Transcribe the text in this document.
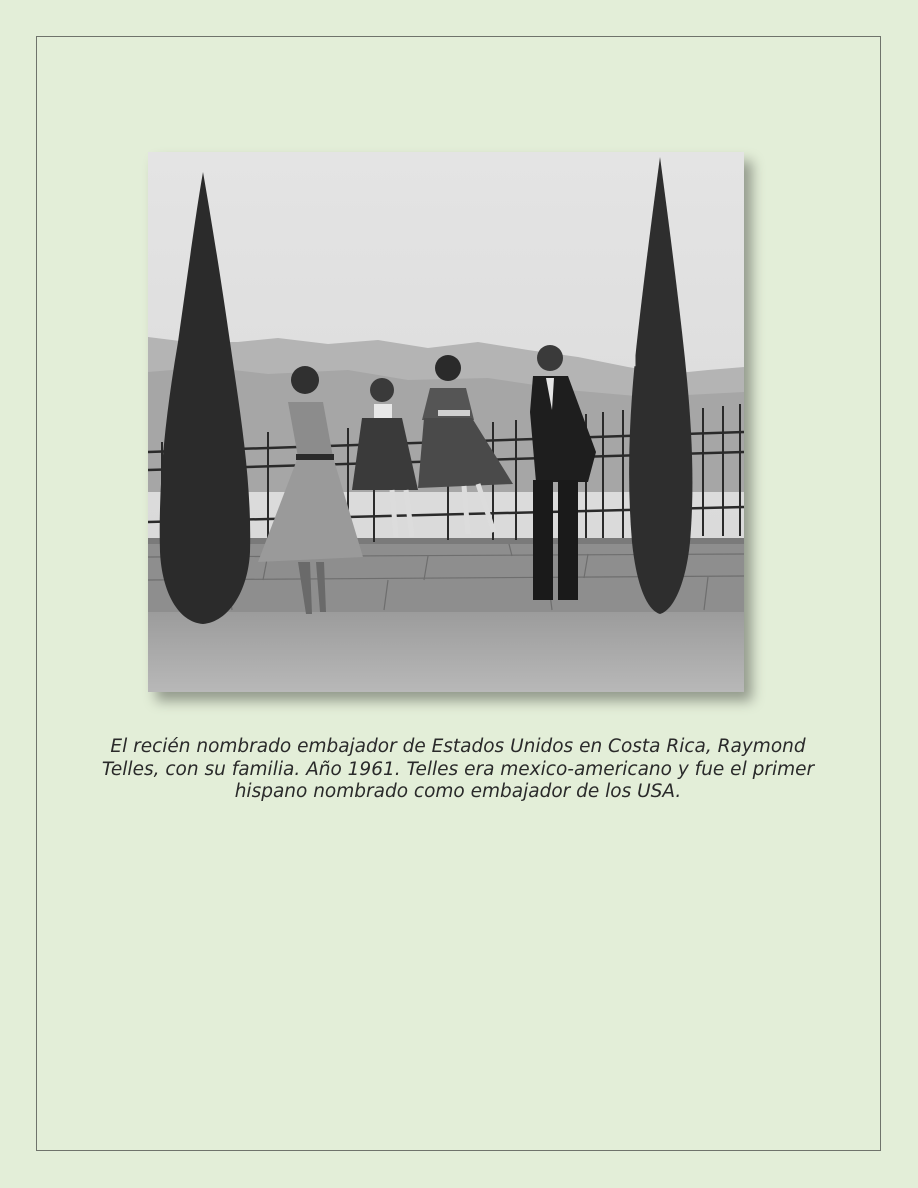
El recién nombrado embajador de Estados Unidos en Costa Rica, Raymond Telles, con su familia. Año 1961. Telles era mexico-americano y fue el primer hispano nombrado como embajador de los USA.
